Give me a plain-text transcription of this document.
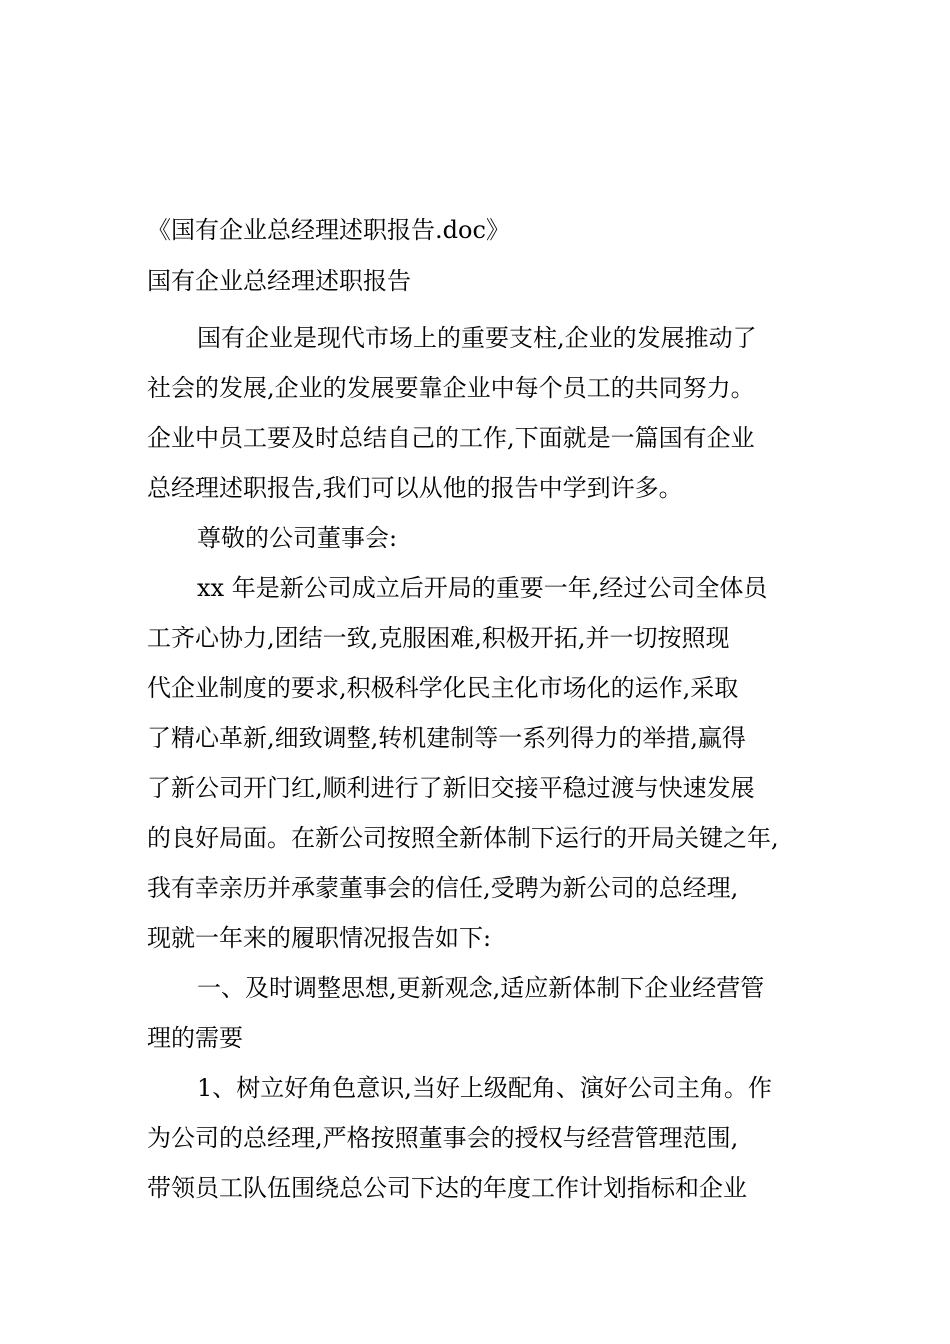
《国有企业总经理述职报告.doc》
国有企业总经理述职报告
国有企业是现代市场上的重要支柱,企业的发展推动了
社会的发展,企业的发展要靠企业中每个员工的共同努力。
企业中员工要及时总结自己的工作,下面就是一篇国有企业
总经理述职报告,我们可以从他的报告中学到许多。
尊敬的公司董事会:
xx 年是新公司成立后开局的重要一年,经过公司全体员
工齐心协力,团结一致,克服困难,积极开拓,并一切按照现
代企业制度的要求,积极科学化民主化市场化的运作,采取
了精心革新,细致调整,转机建制等一系列得力的举措,赢得
了新公司开门红,顺利进行了新旧交接平稳过渡与快速发展
的良好局面。在新公司按照全新体制下运行的开局关键之年,
我有幸亲历并承蒙董事会的信任,受聘为新公司的总经理,
现就一年来的履职情况报告如下:
一、及时调整思想,更新观念,适应新体制下企业经营管
理的需要
1、树立好角色意识,当好上级配角、演好公司主角。作
为公司的总经理,严格按照董事会的授权与经营管理范围,
带领员工队伍围绕总公司下达的年度工作计划指标和企业
